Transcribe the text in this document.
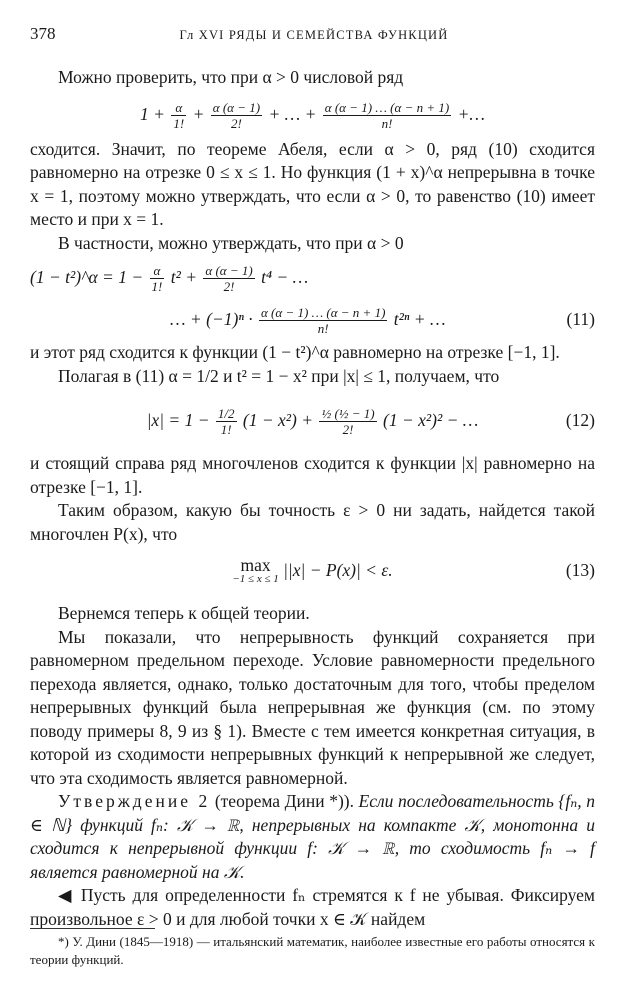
378	Гл XVI РЯДЫ И СЕМЕЙСТВА ФУНКЦИЙ

Можно проверить, что при α > 0 числовой ряд

$1 + \frac{\alpha}{1!} + \frac{\alpha (\alpha - 1)}{2!}$ + … + $\frac{\alpha (\alpha - 1) \dots (\alpha - n + 1)}{n!}$ +…

сходится. Значит, по теореме Абеля, если α > 0, ряд (10) сходится равномерно на отрезке 0 ≤ x ≤ 1. Но функция (1 + x)^α непрерывна в точке x = 1, поэтому можно утверждать, что если α > 0, то равенство (10) имеет место и при x = 1.

В частности, можно утверждать, что при α > 0

(1 − t²)^α = $1 - \frac{\alpha}{1!} t^2 + \frac{\alpha (\alpha - 1)}{2!} t^4$ − …
… + $(-1)^n \cdot \frac{\alpha (\alpha - 1) \dots (\alpha - n + 1)}{n!} t^{2n}$ + …	(11)

и этот ряд сходится к функции (1 − t²)^α равномерно на отрезке [−1, 1].

Полагая в (11) α = 1/2 и t² = 1 − x² при |x| ≤ 1, получаем, что

$|x| = 1 - \frac{1/2}{1!} (1 - x^2) + \frac{\text{½ (½ − 1)}}{2!} (1 - x^2)^2$ − …	(12)

и стоящий справа ряд многочленов сходится к функции |x| равномерно на отрезке [−1, 1].

Таким образом, какую бы точность ε > 0 ни задать, найдется такой многочлен P(x), что

max
−1 ≤ x ≤ 1 ||x| − P(x)| < ε.	(13)

Вернемся теперь к общей теории.

Мы показали, что непрерывность функций сохраняется при равномерном предельном переходе. Условие равномерности предельного перехода является, однако, только достаточным для того, чтобы пределом непрерывных функций была непрерывная же функция (см. по этому поводу примеры 8, 9 из § 1). Вместе с тем имеется конкретная ситуация, в которой из сходимости непрерывных функций к непрерывной же следует, что эта сходимость является равномерной.

Утверждение 2 (теорема Дини *)). Если последовательность {fₙ, n ∈ ℕ} функций fₙ: 𝒦 → ℝ, непрерывных на компакте 𝒦, монотонна и сходится к непрерывной функции f: 𝒦 → ℝ, то сходимость fₙ → f является равномерной на 𝒦.

◀ Пусть для определенности fₙ стремятся к f не убывая. Фиксируем произвольное ε > 0 и для любой точки x ∈ 𝒦 найдем

*) У. Дини (1845—1918) — итальянский математик, наиболее известные его работы относятся к теории функций.
